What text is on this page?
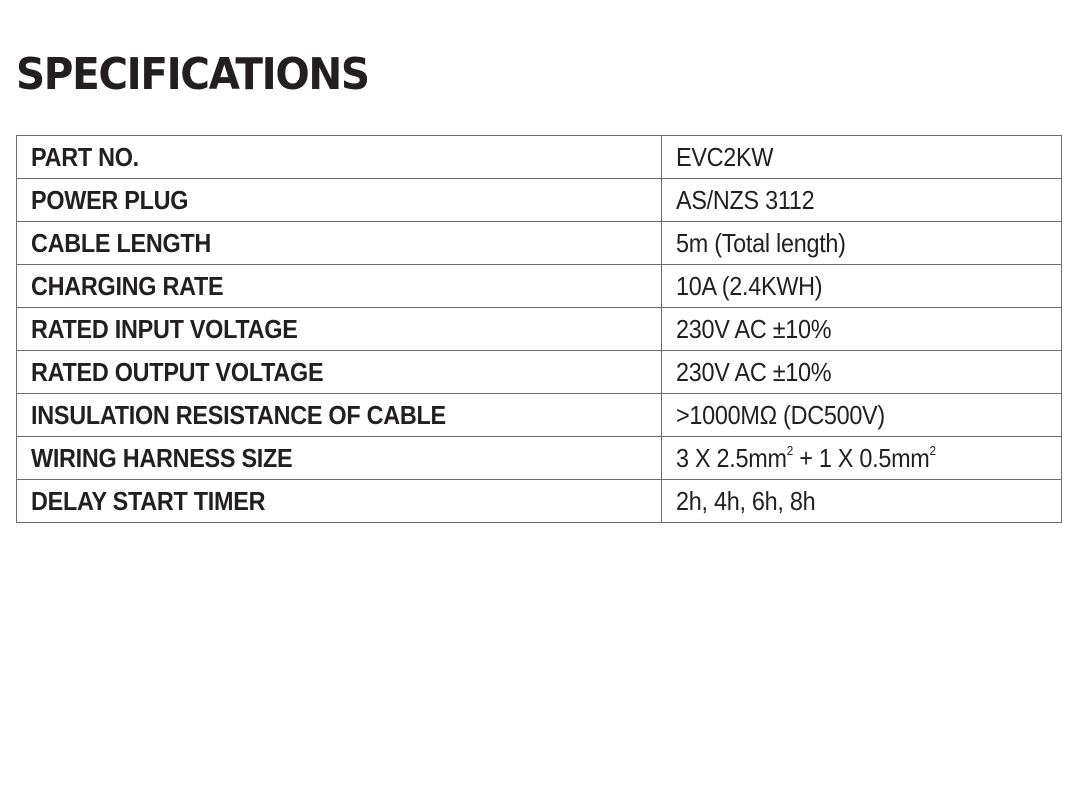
SPECIFICATIONS
PART NO.	EVC2KW
POWER PLUG	AS/NZS 3112
CABLE LENGTH	5m (Total length)
CHARGING RATE	10A (2.4KWH)
RATED INPUT VOLTAGE	230V AC ±10%
RATED OUTPUT VOLTAGE	230V AC ±10%
INSULATION RESISTANCE OF CABLE	>1000MΩ (DC500V)
WIRING HARNESS SIZE	3 X $2.5mm^2 + 1$ X $0.5mm^2$
DELAY START TIMER	2h, 4h, 6h, 8h
